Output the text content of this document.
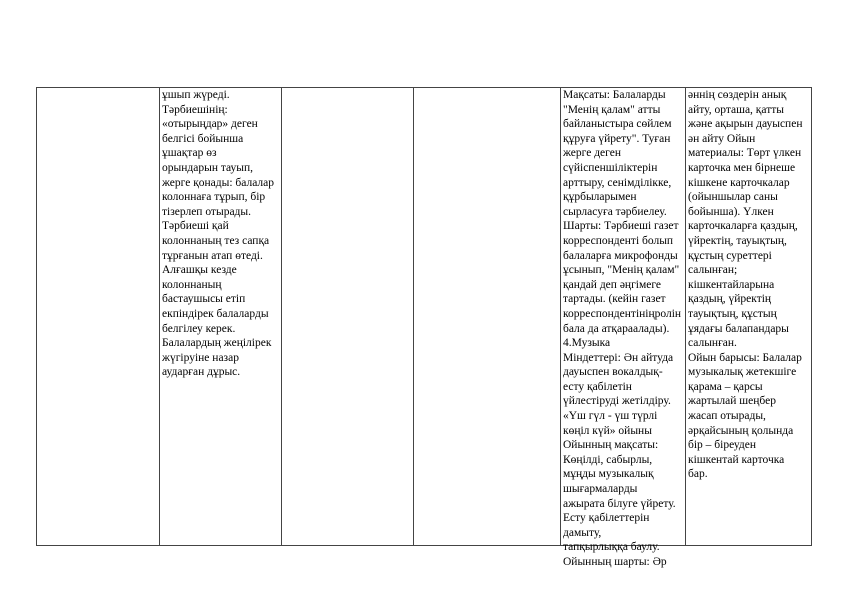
ұшып жүреді.
Тәрбиешінің:
«отырыңдар» деген
белгісі бойынша
ұшақтар өз
орындарын тауып,
жерге қонады: балалар
колоннаға тұрып, бір
тізерлеп отырады.
Тәрбиеші қай
колоннаның тез сапқа
тұрғанын атап өтеді.
Алғашқы кезде
колоннаның
бастаушысы етіп
екпіндірек балаларды
белгілеу керек.
Балалардың жеңілірек
жүгіруіне назар
аударған дұрыс.
Мақсаты: Балаларды
"Менің қалам" атты
байланыстыра сөйлем
құруға үйрету". Туған
жерге деген
сүйіспеншіліктерін
арттыру, сенімділікке,
құрбыларымен
сырласуға тәрбиелеу.
Шарты: Тәрбиеші газет
корреспонденті болып
балаларға микрофонды
ұсынып, "Менің қалам"
қандай деп әңгімеге
тартады. (кейін газет
корреспондентінің​ролін
бала да атқараалады).
4.Музыка
Міндеттері: Ән айтуда
дауыспен вокалдық-
есту қабілетін
үйлестіруді жетілдіру.
«Үш гүл - үш түрлі
көңіл күй» ойыны
Ойынның мақсаты:
Көңілді, сабырлы,
мұңды музыкалық
шығармаларды
ажырата білуге үйрету.
Есту қабілеттерін
дамыту,
тапқырлыққа баулу.
Ойынның шарты: Әр
әннің сөздерін анық
айту, орташа, қатты
және ақырын дауыспен
ән айту Ойын
материалы: Төрт үлкен
карточка мен бірнеше
кішкене карточкалар
(ойыншылар саны
бойынша). Үлкен
карточкаларға қаздың,
үйректің, тауықтың,
құстың суреттері
салынған;
кішкентайларына
қаздың, үйректің
тауықтың, құстың
ұядағы балапандары
салынған.
Ойын барысы: Балалар
музыкалық жетекшіге
қарама – қарсы
жартылай шеңбер
жасап отырады,
әрқайсының қолында
бір – біреуден
кішкентай карточка
бар.
